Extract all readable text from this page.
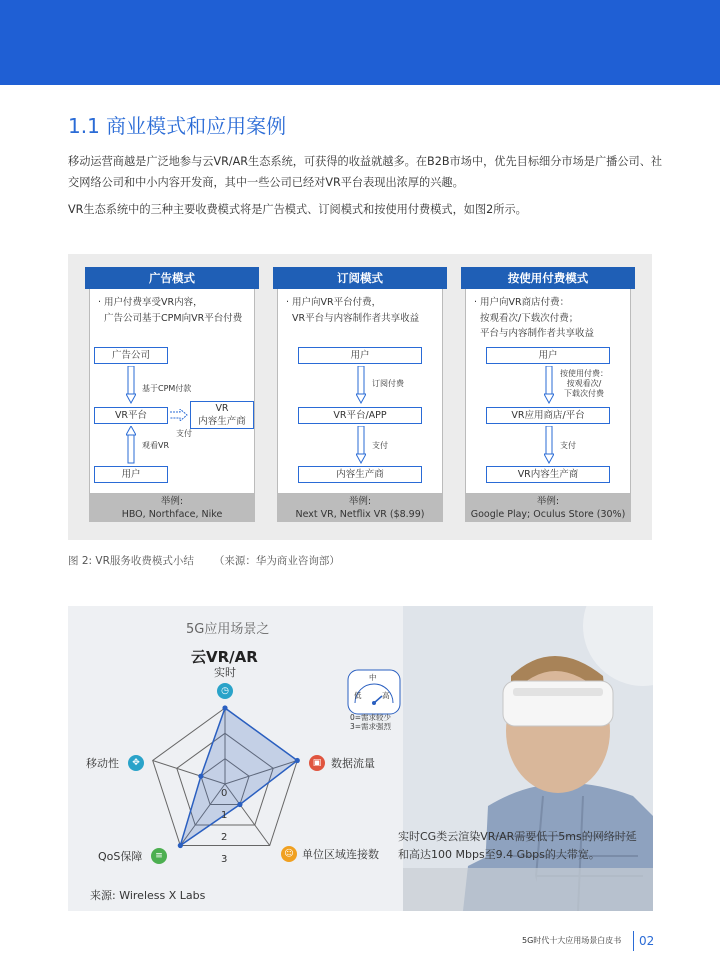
1.1 商业模式和应用案例
移动运营商越是广泛地参与云VR/AR生态系统，可获得的收益就越多。在B2B市场中，优先目标细分市场是广播公司、社交网络公司和中小内容开发商，其中一些公司已经对VR平台表现出浓厚的兴趣。
VR生态系统中的三种主要收费模式将是广告模式、订阅模式和按使用付费模式，如图2所示。
广告模式
· 用户付费享受VR内容，
广告公司基于CPM向VR平台付费
广告公司
基于CPM付款
VR平台
VR
内容生产商
支付
观看VR
用户
举例:
HBO, Northface, Nike
订阅模式
· 用户向VR平台付费，
VR平台与内容制作者共享收益
用户
订阅付费
VR平台/APP
支付
内容生产商
举例:
Next VR, Netflix VR ($8.99)
按使用付费模式
· 用户向VR商店付费：
按观看次/下载次付费；
平台与内容制作者共享收益
用户
按使用付费：
按观看次/
下载次付费
VR应用商店/平台
支付
VR内容生产商
举例:
Google Play; Oculus Store (30%)
图 2: VR服务收费模式小结      （来源：华为商业咨询部）
5G应用场景之
云VR/AR
0
1
2
3
实时
◷
▣ 数据流量
☺ 单位区域连接数
QoS保障	≡
移动性	✥
中
低	高
0=需求较少
3=需求强烈
来源: Wireless X Labs
实时CG类云渲染VR/AR需要低于5ms的网络时延和高达100 Mbps至9.4 Gbps的大带宽。
5G时代十大应用场景白皮书	02
